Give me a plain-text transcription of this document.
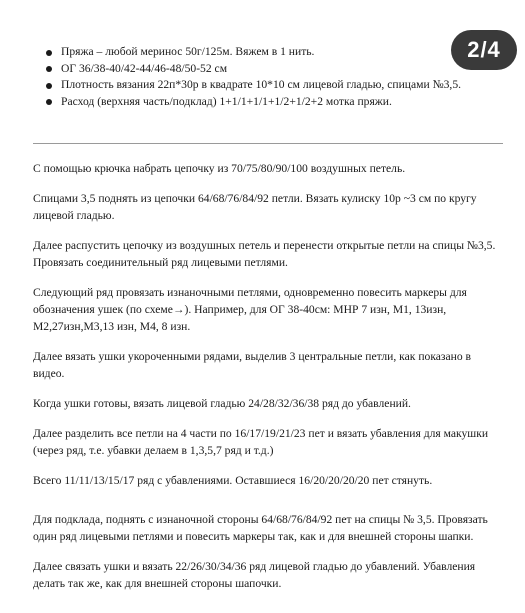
2/4
Пряжа – любой меринос 50г/125м. Вяжем в 1 нить.
ОГ 36/38-40/42-44/46-48/50-52 см
Плотность вязания 22п*30р в квадрате 10*10 см лицевой гладью, спицами №3,5.
Расход (верхняя часть/подклад) 1+1/1+1/1+1/2+1/2+2 мотка пряжи.

С помощью крючка набрать цепочку из 70/75/80/90/100 воздушных петель.

Спицами 3,5 поднять из цепочки 64/68/76/84/92 петли. Вязать кулиску 10р ~3 см по кругу лицевой гладью.

Далее распустить цепочку из воздушных петель и перенести открытые петли на спицы №3,5. Провязать соединительный ряд лицевыми петлями.

Следующий ряд провязать изнаночными петлями, одновременно повесить маркеры для обозначения ушек (по схеме→). Например, для ОГ 38-40см: МНР 7 изн, М1, 13изн, М2,27изн,М3,13 изн, М4, 8 изн.

Далее вязать ушки укороченными рядами, выделив 3 центральные петли, как показано в видео.

Когда ушки готовы, вязать лицевой гладью 24/28/32/36/38 ряд до убавлений.

Далее разделить все петли на 4 части по 16/17/19/21/23 пет и вязать убавления для макушки (через ряд, т.е. убавки делаем в 1,3,5,7 ряд и т.д.)

Всего 11/11/13/15/17 ряд с убавлениями. Оставшиеся 16/20/20/20/20 пет стянуть.

Для подклада, поднять с изнаночной стороны 64/68/76/84/92 пет на спицы № 3,5. Провязать один ряд лицевыми петлями и повесить маркеры так, как и для внешней стороны шапки.

Далее связать ушки и вязать 22/26/30/34/36 ряд лицевой гладью до убавлений. Убавления делать так же, как для внешней стороны шапочки.
